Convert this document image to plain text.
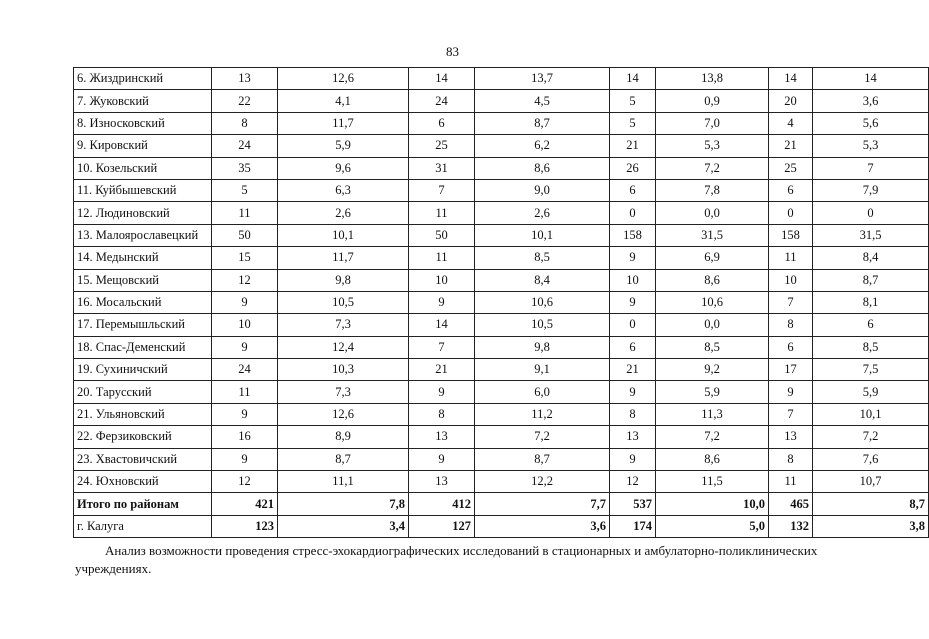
83
6. Жиздринский	13	12,6	14	13,7	14	13,8	14	14
7. Жуковский	22	4,1	24	4,5	5	0,9	20	3,6
8. Износковский	8	11,7	6	8,7	5	7,0	4	5,6
9. Кировский	24	5,9	25	6,2	21	5,3	21	5,3
10. Козельский	35	9,6	31	8,6	26	7,2	25	7
11. Куйбышевский	5	6,3	7	9,0	6	7,8	6	7,9
12. Людиновский	11	2,6	11	2,6	0	0,0	0	0
13. Малоярославецкий	50	10,1	50	10,1	158	31,5	158	31,5
14. Медынский	15	11,7	11	8,5	9	6,9	11	8,4
15. Мещовский	12	9,8	10	8,4	10	8,6	10	8,7
16. Мосальский	9	10,5	9	10,6	9	10,6	7	8,1
17. Перемышльский	10	7,3	14	10,5	0	0,0	8	6
18. Спас-Деменский	9	12,4	7	9,8	6	8,5	6	8,5
19. Сухиничский	24	10,3	21	9,1	21	9,2	17	7,5
20. Тарусский	11	7,3	9	6,0	9	5,9	9	5,9
21. Ульяновский	9	12,6	8	11,2	8	11,3	7	10,1
22. Ферзиковский	16	8,9	13	7,2	13	7,2	13	7,2
23. Хвастовичский	9	8,7	9	8,7	9	8,6	8	7,6
24. Юхновский	12	11,1	13	12,2	12	11,5	11	10,7
Итого по районам	421	7,8	412	7,7	537	10,0	465	8,7
г. Калуга	123	3,4	127	3,6	174	5,0	132	3,8
Анализ возможности проведения стресс-эхокардиографических исследований в стационарных и амбулаторно-поликлинических учреждениях.
